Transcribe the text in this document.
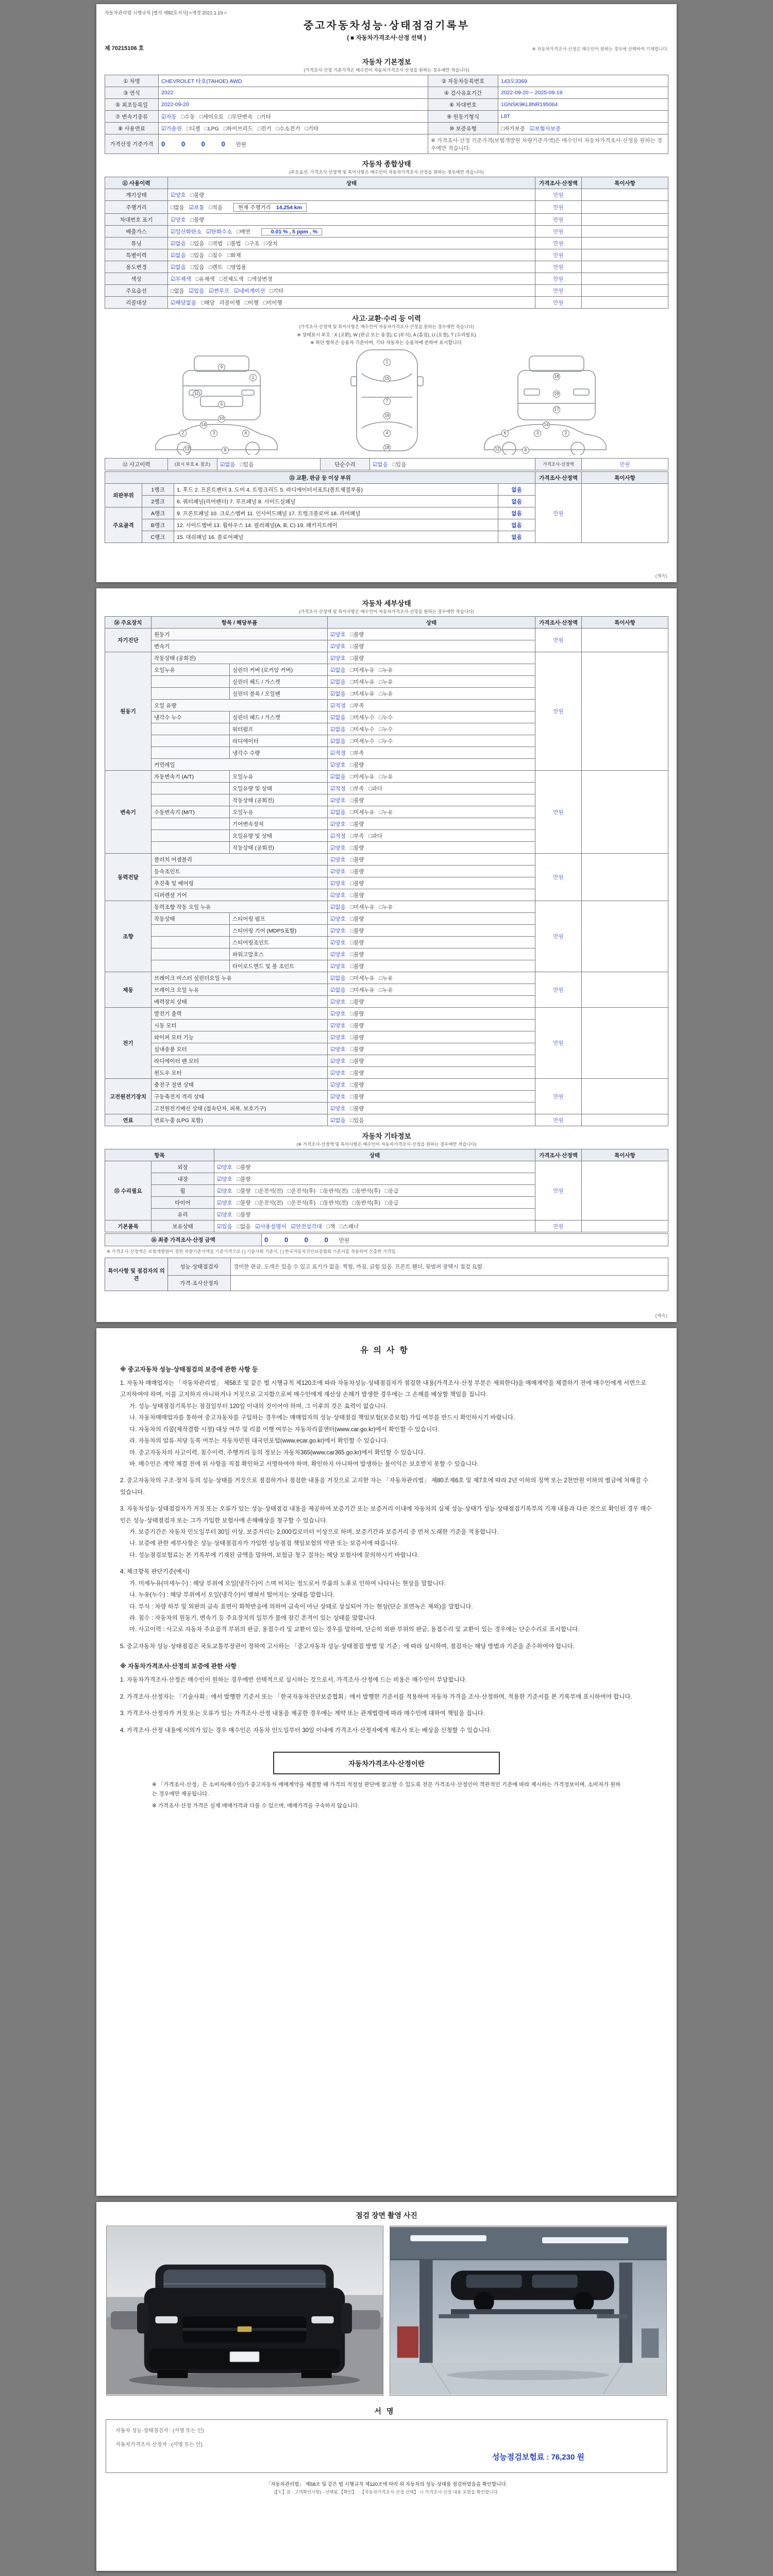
자동차관리법 시행규칙 [별지 제82호서식] <개정 2021.1.19.>
중고자동차성능·상태점검기록부
( ■ 자동차가격조사·산정 선택 )
제 70215106 호	※ 자동차가격조사·산정은 매수인이 원하는 경우에 선택하여 기재합니다.
자동차 기본정보
(가격조사·산정 기준가격은 매수인이 자동차가격조사·산정을 원하는 경우에만 적습니다)
① 차명	CHEVROLET 타호(TAHOE) AWD	② 자동차등록번호	143모3369
③ 연식	2022	④ 검사유효기간	2022-09-20 ~ 2025-09-19
⑤ 최초등록일	2022-09-20	⑥ 차대번호	1GNSK9KL8NR195064
⑦ 변속기종류	☑자동 □수동 □세미오토 □무단변속 □기타	⑨ 원동기형식	L8T
⑧ 사용연료	☑가솔린 □디젤 □LPG □하이브리드 □전기 □수소전기 □기타	⑩ 보증유형	□자가보증 ☑보험사보증
가격산정 기준가격	0 0 0 0 만원	※ 가격조사·산정 기준가격(보험개발원 차량기준가액)은 매수인이 자동차가격조사·산정을 원하는 경우에만 적습니다.	
자동차 종합상태
(주요옵션, 가격조사·산정액 및 특이사항은 매수인이 자동차가격조사·산정을 원하는 경우에만 적습니다)
⑪ 사용이력	상태	가격조사·산정액	특이사항
계기상태	☑양호 □불량	만원	
주행거리	□많음 ☑보통 □적음 현재 주행거리 14,254 km	만원	
차대번호 표기	☑양호 □불량	만원	
배출가스	☑일산화탄소 ☑탄화수소 □매연 0.01 % , 5 ppm , %	만원	
튜닝	☑없음 □있음 □적법 □불법 □구조 □장치	만원	
특별이력	☑없음 □있음 □침수 □화재	만원	
용도변경	☑없음 □있음 □렌트 □영업용	만원	
색상	☑무채색 □유채색 □전체도색 □색상변경	만원	
주요옵션	□없음 ☑있음 ☑썬루프 ☑네비게이션 □기타	만원	
리콜대상	☑해당없음 □해당 리콜이행 □이행 □미이행	만원	
사고·교환·수리 등 이력
(가격조사·산정액 및 특이사항은 매수인이 자동차가격조사·산정을 원하는 경우에만 적습니다)
※ 상태표시 부호 : X (교환), W (판금 또는 용접), C (부식), A (흠집), U (요철), T (수리필요)
※ 하단 항목은 승용차 기준이며, 기타 자동차는 승용차에 준하여 표시합니다.
9
5
10
11
1
1
15
7
16
4
18
18
19
17
14
2	3	6
13	8
2
3
6
12	8
14
⑫ 사고이력	(표시 부호 4. 참조)	☑없음 □있음	단순수리	☑없음 □있음	가격조사·산정액	만원
⑬ 교환, 판금 등 이상 부위				가격조사·산정액	특이사항
외판부위	1랭크	1. 후드 2. 프론트펜더 3. 도어 4. 트렁크리드 5. 라디에이터서포트(볼트체결부품)	없음	만원	
	2랭크	6. 쿼터패널(리어펜더) 7. 루프패널 8. 사이드실패널	없음		
주요골격	A랭크	9. 프론트패널 10. 크로스멤버 11. 인사이드패널 17. 트렁크플로어 18. 리어패널	없음		
	B랭크	12. 사이드멤버 13. 휠하우스 14. 필러패널(A, B, C) 19. 패키지트레이	없음		
	C랭크	15. 대쉬패널 16. 플로어패널	없음		
(계속)
자동차 세부상태
(가격조사·산정액 및 특이사항은 매수인이 자동차가격조사·산정을 원하는 경우에만 적습니다)
⑭ 주요장치	항목 / 해당부품		상태	가격조사·산정액	특이사항
자기진단	원동기		☑양호 □불량	만원	
	변속기		☑양호 □불량		
원동기	작동상태 (공회전)		☑양호 □불량	만원	
	오일누유	실린더 커버 (로커암 커버)	☑없음 □미세누유 □누유		
		실린더 헤드 / 가스켓	☑없음 □미세누유 □누유		
		실린더 블록 / 오일팬	☑없음 □미세누유 □누유		
	오일 유량		☑적정 □부족		
	냉각수 누수	실린더 헤드 / 가스켓	☑없음 □미세누수 □누수		
		워터펌프	☑없음 □미세누수 □누수		
		라디에이터	☑없음 □미세누수 □누수		
		냉각수 수량	☑적정 □부족		
	커먼레일		☑양호 □불량		
변속기	자동변속기 (A/T)	오일누유	☑없음 □미세누유 □누유	만원	
		오일유량 및 상태	☑적정 □부족 □과다		
		작동상태 (공회전)	☑양호 □불량		
	수동변속기 (M/T)	오일누유	☑없음 □미세누유 □누유		
		기어변속장치	☑양호 □불량		
		오일유량 및 상태	☑적정 □부족 □과다		
		작동상태 (공회전)	☑양호 □불량		
동력전달	클러치 어셈블리		☑양호 □불량	만원	
	등속조인트		☑양호 □불량		
	추진축 및 베어링		☑양호 □불량		
	디퍼렌셜 기어		☑양호 □불량		
조향	동력조향 작동 오일 누유		☑없음 □미세누유 □누유	만원	
	작동상태	스티어링 펌프	☑양호 □불량		
		스티어링 기어 (MDPS포함)	☑양호 □불량		
		스티어링조인트	☑양호 □불량		
		파워고압호스	☑양호 □불량		
		타이로드엔드 및 볼 조인트	☑양호 □불량		
제동	브레이크 마스터 실린더오일 누유		☑없음 □미세누유 □누유	만원	
	브레이크 오일 누유		☑없음 □미세누유 □누유		
	배력장치 상태		☑양호 □불량		
전기	발전기 출력		☑양호 □불량	만원	
	시동 모터		☑양호 □불량		
	와이퍼 모터 기능		☑양호 □불량		
	실내송풍 모터		☑양호 □불량		
	라디에이터 팬 모터		☑양호 □불량		
	윈도우 모터		☑양호 □불량		
고전원전기장치	충전구 절연 상태		☑양호 □불량	만원	
	구동축전지 격리 상태		☑양호 □불량		
	고전원전기배선 상태 (접속단자, 피복, 보호기구)		☑양호 □불량		
연료	연료누출 (LPG 포함)		☑없음 □있음	만원	
자동차 기타정보
(※ 가격조사·산정액 및 특이사항은 매수인이 자동차가격조사·산정을 원하는 경우에만 적습니다)
항목		상태	가격조사·산정액	특이사항
⑮ 수리필요	외장	☑양호 □불량	만원	
	내장	☑양호 □불량		
	휠	☑양호 □불량 □운전석(전) □운전석(후) □동반석(전) □동반석(후) □응급		
	타이어	☑양호 □불량 □운전석(전) □운전석(후) □동반석(전) □동반석(후) □응급		
	유리	☑양호 □불량		
기본품목	보유상태	☑있음 □없음 ☑사용설명서 ☑안전삼각대 □잭 □스패너	만원	
⑯ 최종 가격조사·산정 금액	0 0 0 0 만원
※ 가격조사·산정액은 보험개발원이 정한 차량기준가액을 기준가격으로 [ ] 기술사회 기준서, [ ] 한국자동차진단보증협회 기준서를 적용하여 산출한 가격임
특이사항 및 점검자의 의견	성능·상태점검자	경미한 판금, 도색은 있을 수 있고 표기가 없음. 찍힘, 까짐, 긁힘 있음. 프론트 휀더, 뒷범퍼 광택시 점검 요함.
	가격·조사산정자	
(계속)
유의사항
※ 중고자동차 성능·상태점검의 보증에 관한 사항 등
1. 자동차 매매업자는 「자동차관리법」 제58조 및 같은 법 시행규칙 제120조에 따라 자동차성능·상태점검자가 점검한 내용(가격조사·산정 부분은 제외한다)을 매매계약을 체결하기 전에 매수인에게 서면으로 고지하여야 하며, 이를 고지하지 아니하거나 거짓으로 고지함으로써 매수인에게 재산상 손해가 발생한 경우에는 그 손해를 배상할 책임을 집니다.
가. 성능·상태점검기록부는 점검일부터 120일 이내의 것이어야 하며, 그 이후의 것은 효력이 없습니다.
나. 자동차매매업자를 통하여 중고자동차를 구입하는 경우에는 매매업자의 성능·상태점검 책임보험(보증보험) 가입 여부를 반드시 확인하시기 바랍니다.
다. 자동차의 리콜(제작결함 시정) 대상 여부 및 리콜 이행 여부는 자동차리콜센터(www.car.go.kr)에서 확인할 수 있습니다.
라. 자동차의 압류·저당 등록 여부는 자동차민원 대국민포털(www.ecar.go.kr)에서 확인할 수 있습니다.
마. 중고자동차의 사고이력, 침수이력, 주행거리 등의 정보는 자동차365(www.car365.go.kr)에서 확인할 수 있습니다.
바. 매수인은 계약 체결 전에 위 사항을 직접 확인하고 서명하여야 하며, 확인하지 아니하여 발생하는 불이익은 보호받지 못할 수 있습니다.
2. 중고자동차의 구조·장치 등의 성능·상태를 거짓으로 점검하거나 점검한 내용을 거짓으로 고지한 자는 「자동차관리법」 제80조제6호 및 제7호에 따라 2년 이하의 징역 또는 2천만원 이하의 벌금에 처해질 수 있습니다.
3. 자동차성능·상태점검자가 거짓 또는 오류가 있는 성능·상태점검 내용을 제공하여 보증기간 또는 보증거리 이내에 자동차의 실제 성능·상태가 성능·상태점검기록부의 기재 내용과 다른 것으로 확인된 경우 매수인은 성능·상태점검자 또는 그가 가입한 보험사에 손해배상을 청구할 수 있습니다.
가. 보증기간은 자동차 인도일부터 30일 이상, 보증거리는 2,000킬로미터 이상으로 하며, 보증기간과 보증거리 중 먼저 도래한 기준을 적용합니다.
나. 보증에 관한 세부사항은 성능·상태점검자가 가입한 성능점검 책임보험의 약관 또는 보증서에 따릅니다.
다. 성능점검보험료는 본 기록부에 기재된 금액을 말하며, 보험금 청구 절차는 해당 보험사에 문의하시기 바랍니다.
4. 체크항목 판단기준(예시)
가. 미세누유(미세누수) : 해당 부위에 오일(냉각수)이 스며 비치는 정도로서 부품의 노후로 인하여 나타나는 현상을 말합니다.
나. 누유(누수) : 해당 부위에서 오일(냉각수)이 맺혀서 떨어지는 상태를 말합니다.
다. 부식 : 차량 하부 및 외판의 금속 표면이 화학반응에 의하여 금속이 아닌 상태로 상실되어 가는 현상(단순 표면녹은 제외)을 말합니다.
라. 침수 : 자동차의 원동기, 변속기 등 주요장치의 일부가 물에 잠긴 흔적이 있는 상태를 말합니다.
마. 사고이력 : 사고로 자동차 주요골격 부위의 판금, 용접수리 및 교환이 있는 경우를 말하며, 단순히 외판 부위의 판금, 용접수리 및 교환이 있는 경우에는 단순수리로 표시합니다.
5. 중고자동차 성능·상태점검은 국토교통부장관이 정하여 고시하는 「중고자동차 성능·상태점검 방법 및 기준」에 따라 실시하며, 점검자는 해당 방법과 기준을 준수하여야 합니다.
※ 자동차가격조사·산정의 보증에 관한 사항
1. 자동차가격조사·산정은 매수인이 원하는 경우에만 선택적으로 실시하는 것으로서, 가격조사·산정에 드는 비용은 매수인이 부담합니다.
2. 가격조사·산정자는 「기술사회」에서 발행한 기준서 또는 「한국자동차진단보증협회」에서 발행한 기준서를 적용하여 자동차 가격을 조사·산정하며, 적용한 기준서를 본 기록부에 표시하여야 합니다.
3. 가격조사·산정자가 거짓 또는 오류가 있는 가격조사·산정 내용을 제공한 경우에는 계약 또는 관계법령에 따라 매수인에 대하여 책임을 집니다.
4. 가격조사·산정 내용에 이의가 있는 경우 매수인은 자동차 인도일부터 30일 이내에 가격조사·산정자에게 재조사 또는 배상을 신청할 수 있습니다.
자동차가격조사·산정이란
※ 「가격조사·산정」은 소비자(매수인)가 중고자동차 매매계약을 체결할 때 가격의 적정성 판단에 참고할 수 있도록 전문 가격조사·산정인이 객관적인 기준에 따라 제시하는 가격정보이며, 소비자가 원하는 경우에만 제공됩니다.
※ 가격조사·산정 가격은 실제 매매가격과 다를 수 있으며, 매매가격을 구속하지 않습니다.
점검 장면 촬영 사진
서명
자동차 성능·상태점검자 : (서명 또는 인)
자동차가격조사·산정자 : (서명 또는 인)
성능점검보험료 : 76,230 원
「자동차관리법」 제58조 및 같은 법 시행규칙 제120조에 따라 위 자동차의 성능·상태를 점검하였음을 확인합니다.
(【Ｖ】표 : 고객확인사항) · 선택됨 【확인】 · 【자동차가격조사·산정 선택】 시 가격조사·산정 내용 포함을 확인합니다.
